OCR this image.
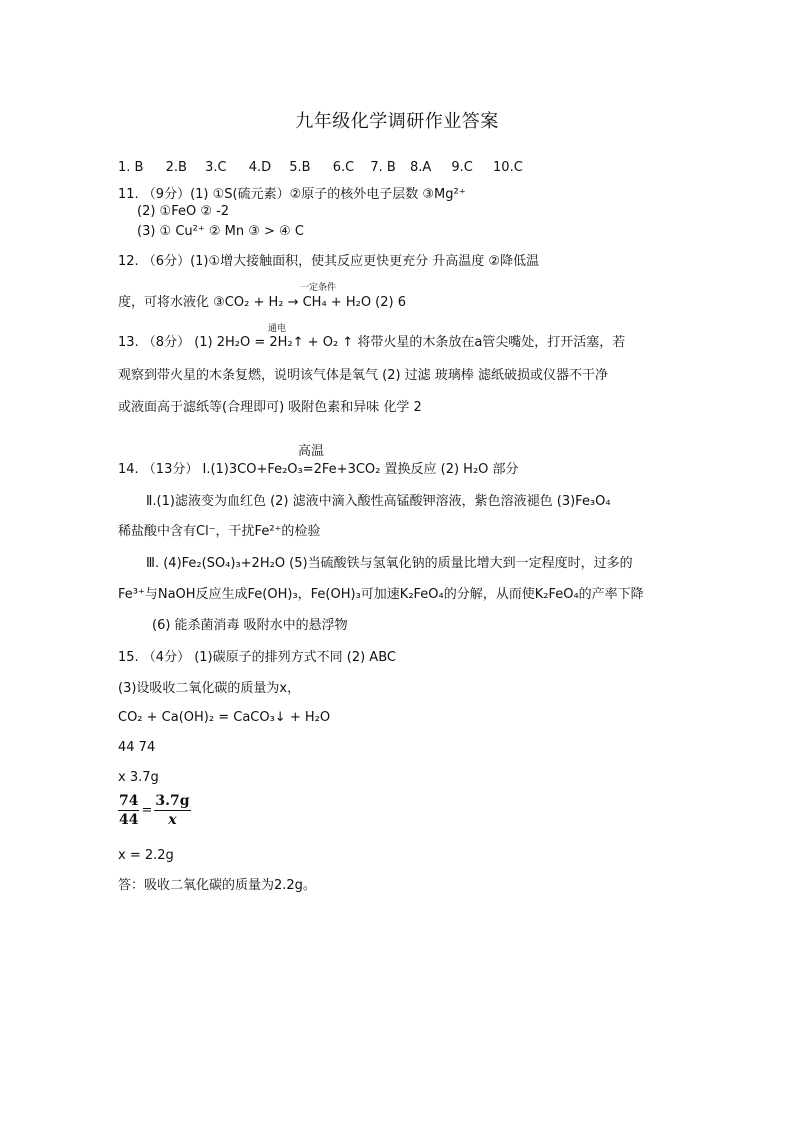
九年级化学调研作业答案
1. B 2.B 3.C 4.D 5.B 6.C 7. B 8.A 9.C 10.C
11. （9分）(1) ①S(硫元素）②原子的核外电子层数 ③Mg²⁺
(2) ①FeO ② -2
(3) ① Cu²⁺ ② Mn ③ > ④ C
12. （6分）(1)①增大接触面积，使其反应更快更充分 升高温度 ②降低温
一定条件
度，可将水液化 ③CO₂ + H₂ → CH₄ + H₂O (2) 6
通电
13. （8分） (1) 2H₂O = 2H₂↑ + O₂ ↑ 将带火星的木条放在a管尖嘴处，打开活塞，若
观察到带火星的木条复燃，说明该气体是氧气 (2) 过滤 玻璃棒 滤纸破损或仪器不干净
或液面高于滤纸等(合理即可) 吸附色素和异味 化学 2
高温
14. （13分） Ⅰ.(1)3CO+Fe₂O₃=2Fe+3CO₂ 置换反应 (2) H₂O 部分
Ⅱ.(1)滤液变为血红色 (2) 滤液中滴入酸性高锰酸钾溶液，紫色溶液褪色 (3)Fe₃O₄
稀盐酸中含有Cl⁻，干扰Fe²⁺的检验
Ⅲ. (4)Fe₂(SO₄)₃+2H₂O (5)当硫酸铁与氢氧化钠的质量比增大到一定程度时，过多的
Fe³⁺与NaOH反应生成Fe(OH)₃，Fe(OH)₃可加速K₂FeO₄的分解，从而使K₂FeO₄的产率下降
(6) 能杀菌消毒 吸附水中的悬浮物
15. （4分） (1)碳原子的排列方式不同 (2) ABC
(3)设吸收二氧化碳的质量为x，
CO₂ + Ca(OH)₂ = CaCO₃↓ + H₂O
44 74
x 3.7g
$\frac{74}{44} = \frac{3.7g}{x}$
x = 2.2g
答：吸收二氧化碳的质量为2.2g。
